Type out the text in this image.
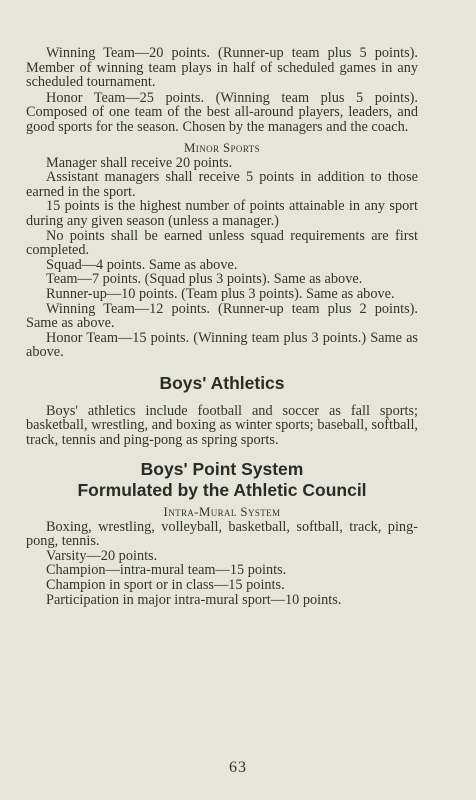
Winning Team—20 points. (Runner-up team plus 5 points). Member of winning team plays in half of scheduled games in any scheduled tournament.

Honor Team—25 points. (Winning team plus 5 points). Composed of one team of the best all-around players, leaders, and good sports for the season. Chosen by the managers and the coach.

Minor Sports

Manager shall receive 20 points.

Assistant managers shall receive 5 points in addition to those earned in the sport.

15 points is the highest number of points attainable in any sport during any given season (unless a manager.)

No points shall be earned unless squad requirements are first completed.

Squad—4 points. Same as above.

Team—7 points. (Squad plus 3 points). Same as above.

Runner-up—10 points. (Team plus 3 points). Same as above.

Winning Team—12 points. (Runner-up team plus 2 points). Same as above.

Honor Team—15 points. (Winning team plus 3 points.) Same as above.

Boys' Athletics

Boys' athletics include football and soccer as fall sports; basketball, wrestling, and boxing as winter sports; baseball, softball, track, tennis and ping-pong as spring sports.

Boys' Point System
Formulated by the Athletic Council
Intra-Mural System

Boxing, wrestling, volleyball, basketball, softball, track, ping-pong, tennis.

Varsity—20 points.

Champion—intra-mural team—15 points.

Champion in sport or in class—15 points.

Participation in major intra-mural sport—10 points.

63
